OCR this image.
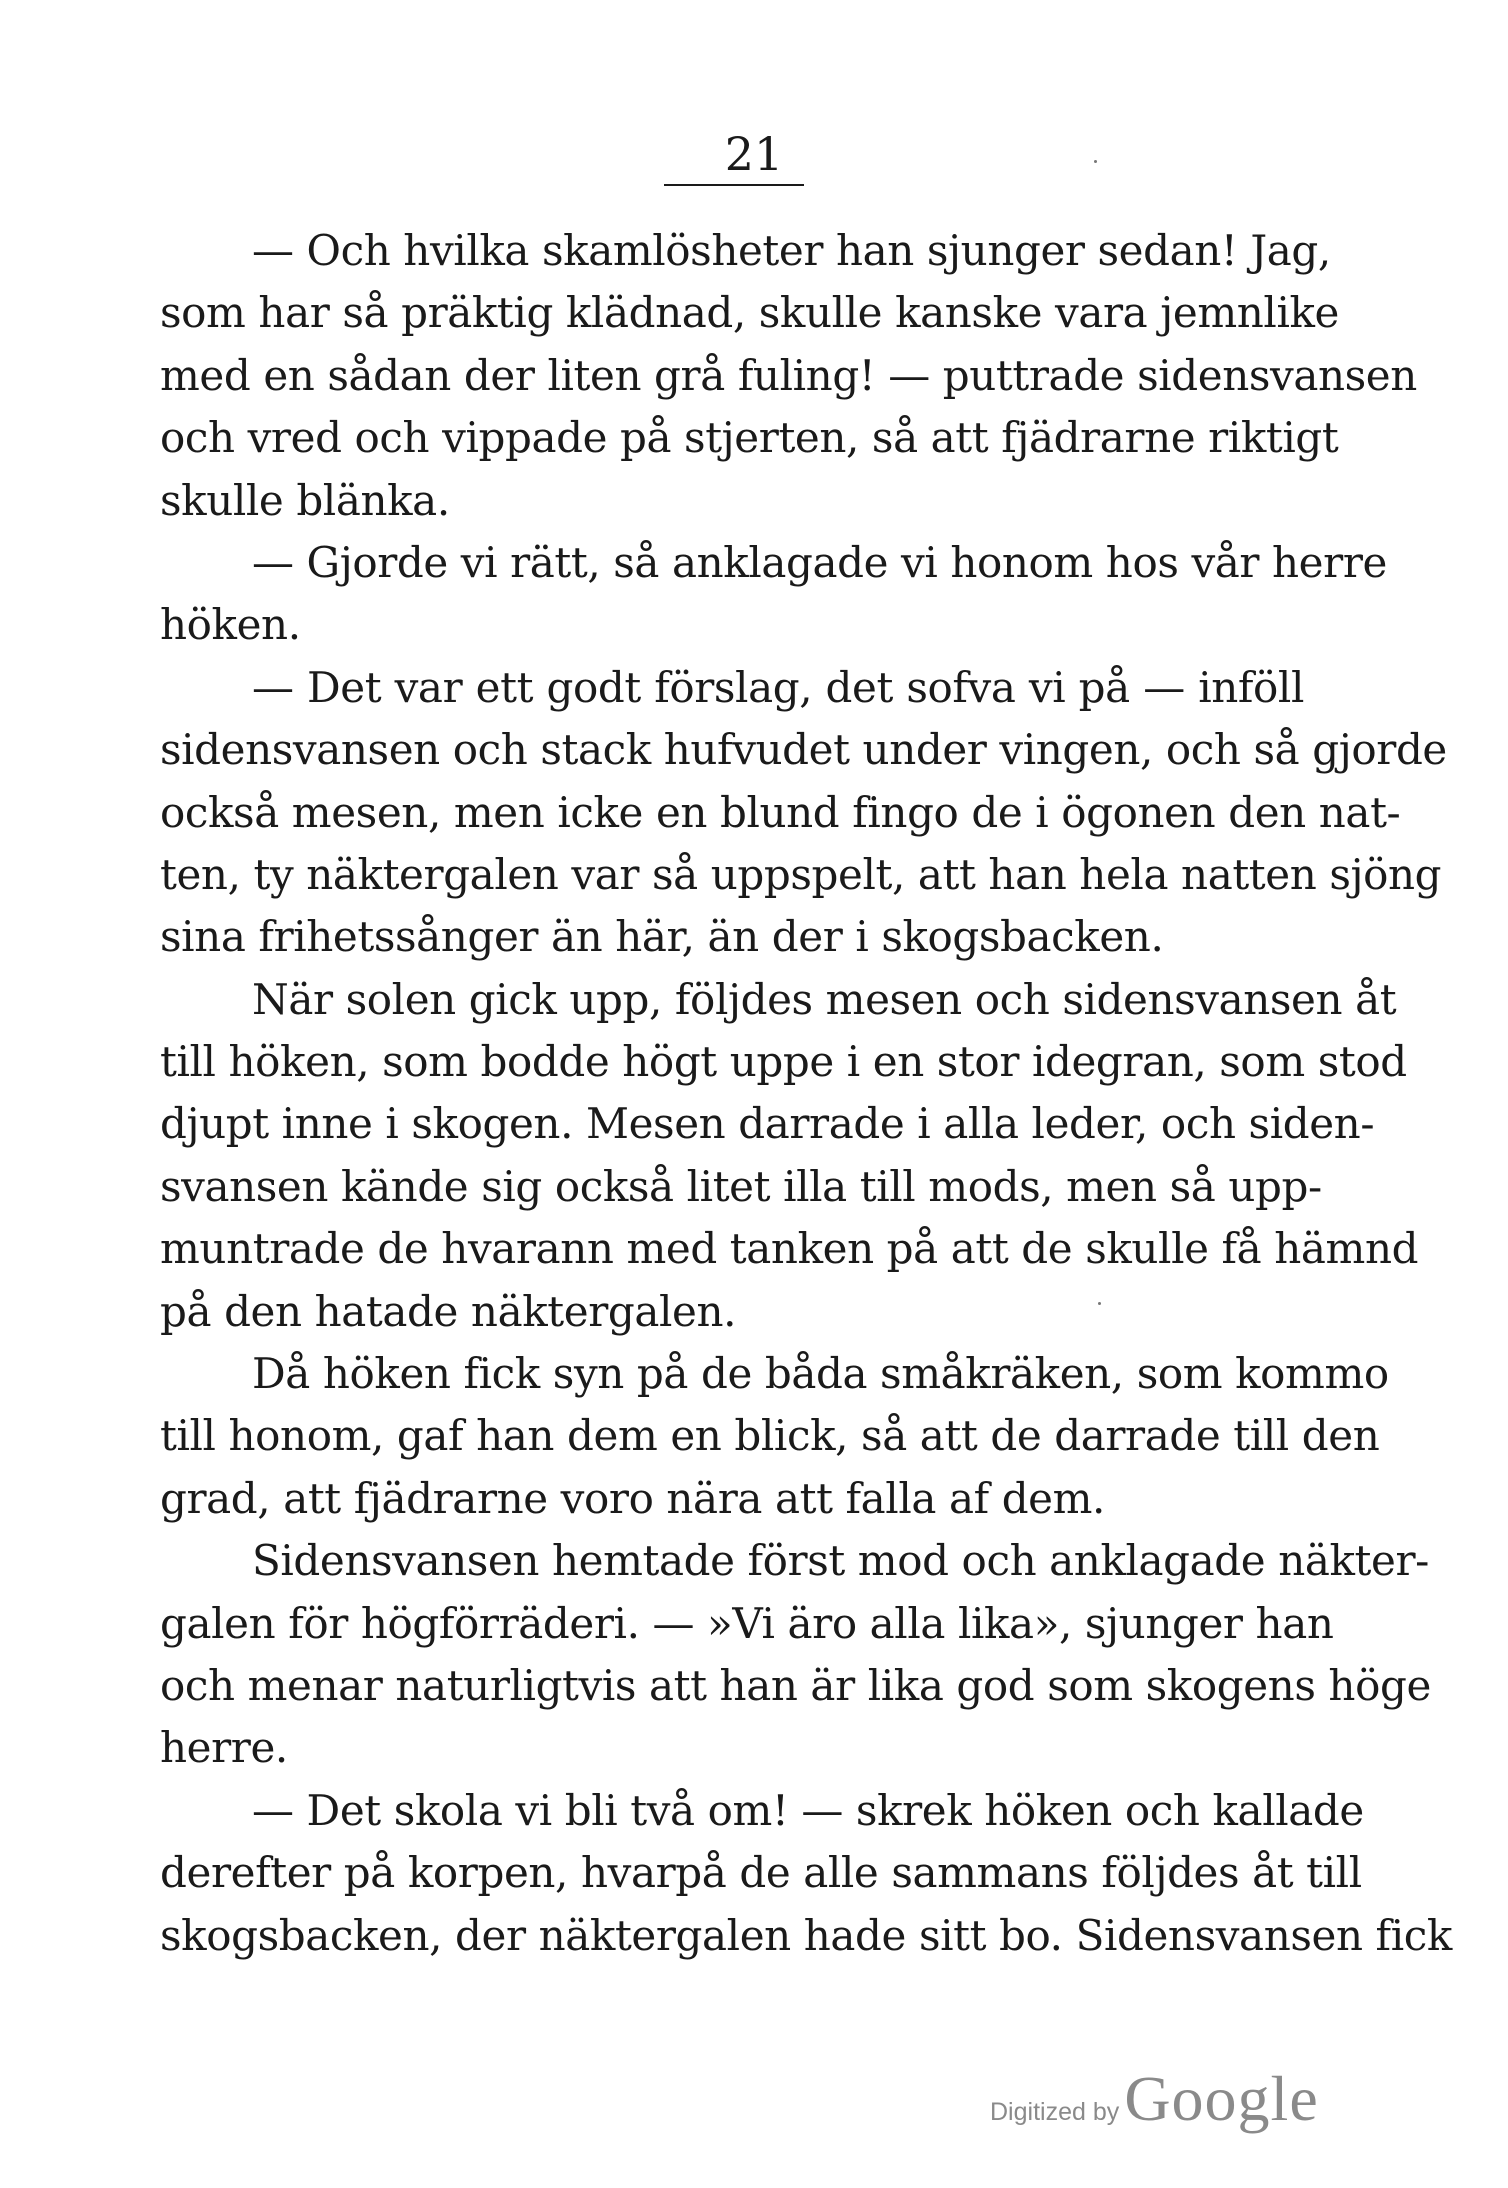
21
— Och hvilka skamlösheter han sjunger sedan! Jag,
som har så präktig klädnad, skulle kanske vara jemnlike
med en sådan der liten grå fuling! — puttrade sidensvansen
och vred och vippade på stjerten, så att fjädrarne riktigt
skulle blänka.
— Gjorde vi rätt, så anklagade vi honom hos vår herre
höken.
— Det var ett godt förslag, det sofva vi på — inföll
sidensvansen och stack hufvudet under vingen, och så gjorde
också mesen, men icke en blund fingo de i ögonen den nat-
ten, ty näktergalen var så uppspelt, att han hela natten sjöng
sina frihetssånger än här, än der i skogsbacken.
När solen gick upp, följdes mesen och sidensvansen åt
till höken, som bodde högt uppe i en stor idegran, som stod
djupt inne i skogen. Mesen darrade i alla leder, och siden-
svansen kände sig också litet illa till mods, men så upp-
muntrade de hvarann med tanken på att de skulle få hämnd
på den hatade näktergalen.
Då höken fick syn på de båda småkräken, som kommo
till honom, gaf han dem en blick, så att de darrade till den
grad, att fjädrarne voro nära att falla af dem.
Sidensvansen hemtade först mod och anklagade näkter-
galen för högförräderi. — »Vi äro alla lika», sjunger han
och menar naturligtvis att han är lika god som skogens höge
herre.
— Det skola vi bli två om! — skrek höken och kallade
derefter på korpen, hvarpå de alle sammans följdes åt till
skogsbacken, der näktergalen hade sitt bo. Sidensvansen fick
Digitized by Google
